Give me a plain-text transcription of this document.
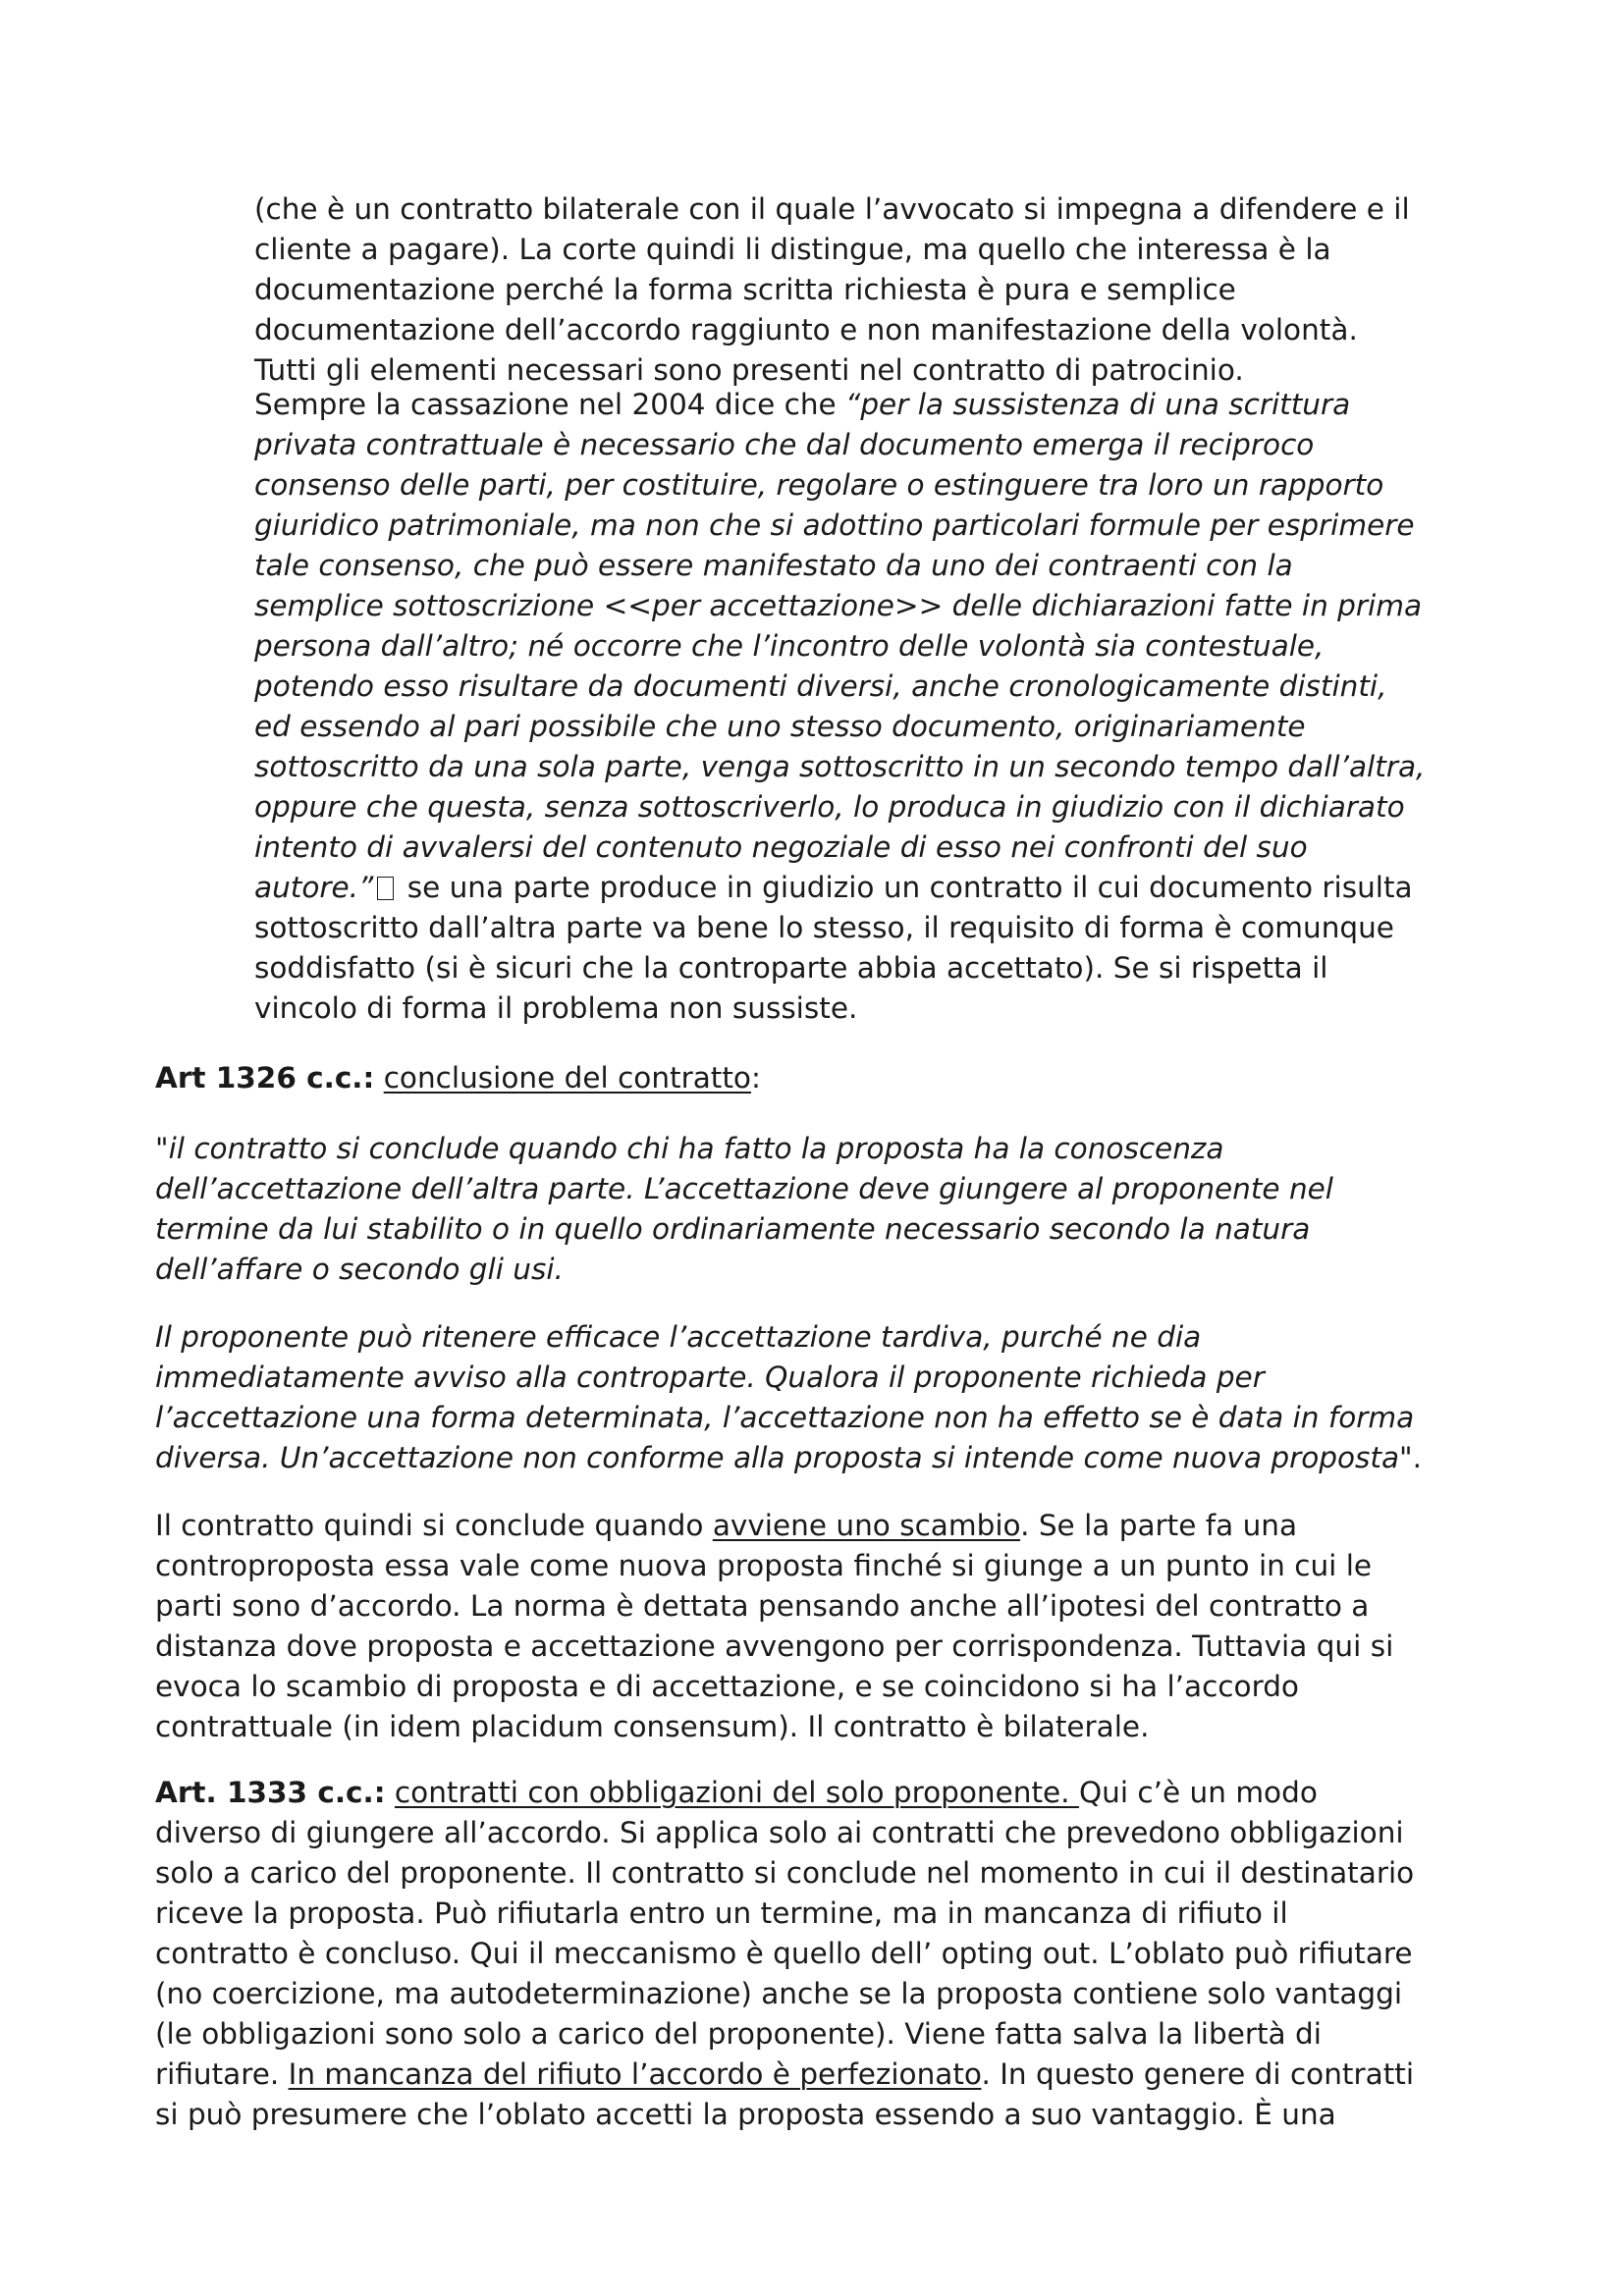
(che è un contratto bilaterale con il quale l’avvocato si impegna a difendere e il
cliente a pagare). La corte quindi li distingue, ma quello che interessa è la
documentazione perché la forma scritta richiesta è pura e semplice
documentazione dell’accordo raggiunto e non manifestazione della volontà.
Tutti gli elementi necessari sono presenti nel contratto di patrocinio.

Sempre la cassazione nel 2004 dice che “per la sussistenza di una scrittura
privata contrattuale è necessario che dal documento emerga il reciproco
consenso delle parti, per costituire, regolare o estinguere tra loro un rapporto
giuridico patrimoniale, ma non che si adottino particolari formule per esprimere
tale consenso, che può essere manifestato da uno dei contraenti con la
semplice sottoscrizione <<per accettazione>> delle dichiarazioni fatte in prima
persona dall’altro; né occorre che l’incontro delle volontà sia contestuale,
potendo esso risultare da documenti diversi, anche cronologicamente distinti,
ed essendo al pari possibile che uno stesso documento, originariamente
sottoscritto da una sola parte, venga sottoscritto in un secondo tempo dall’altra,
oppure che questa, senza sottoscriverlo, lo produca in giudizio con il dichiarato
intento di avvalersi del contenuto negoziale di esso nei confronti del suo
autore.” se una parte produce in giudizio un contratto il cui documento risulta
sottoscritto dall’altra parte va bene lo stesso, il requisito di forma è comunque
soddisfatto (si è sicuri che la controparte abbia accettato). Se si rispetta il
vincolo di forma il problema non sussiste.

Art 1326 c.c.: conclusione del contratto:

"il contratto si conclude quando chi ha fatto la proposta ha la conoscenza
dell’accettazione dell’altra parte. L’accettazione deve giungere al proponente nel
termine da lui stabilito o in quello ordinariamente necessario secondo la natura
dell’affare o secondo gli usi.

Il proponente può ritenere efficace l’accettazione tardiva, purché ne dia
immediatamente avviso alla controparte. Qualora il proponente richieda per
l’accettazione una forma determinata, l’accettazione non ha effetto se è data in forma
diversa. Un’accettazione non conforme alla proposta si intende come nuova proposta".

Il contratto quindi si conclude quando avviene uno scambio. Se la parte fa una
controproposta essa vale come nuova proposta finché si giunge a un punto in cui le
parti sono d’accordo. La norma è dettata pensando anche all’ipotesi del contratto a
distanza dove proposta e accettazione avvengono per corrispondenza. Tuttavia qui si
evoca lo scambio di proposta e di accettazione, e se coincidono si ha l’accordo
contrattuale (in idem placidum consensum). Il contratto è bilaterale.

Art. 1333 c.c.: contratti con obbligazioni del solo proponente. Qui c’è un modo
diverso di giungere all’accordo. Si applica solo ai contratti che prevedono obbligazioni
solo a carico del proponente. Il contratto si conclude nel momento in cui il destinatario
riceve la proposta. Può rifiutarla entro un termine, ma in mancanza di rifiuto il
contratto è concluso. Qui il meccanismo è quello dell’ opting out. L’oblato può rifiutare
(no coercizione, ma autodeterminazione) anche se la proposta contiene solo vantaggi
(le obbligazioni sono solo a carico del proponente). Viene fatta salva la libertà di
rifiutare. In mancanza del rifiuto l’accordo è perfezionato. In questo genere di contratti
si può presumere che l’oblato accetti la proposta essendo a suo vantaggio. È una
